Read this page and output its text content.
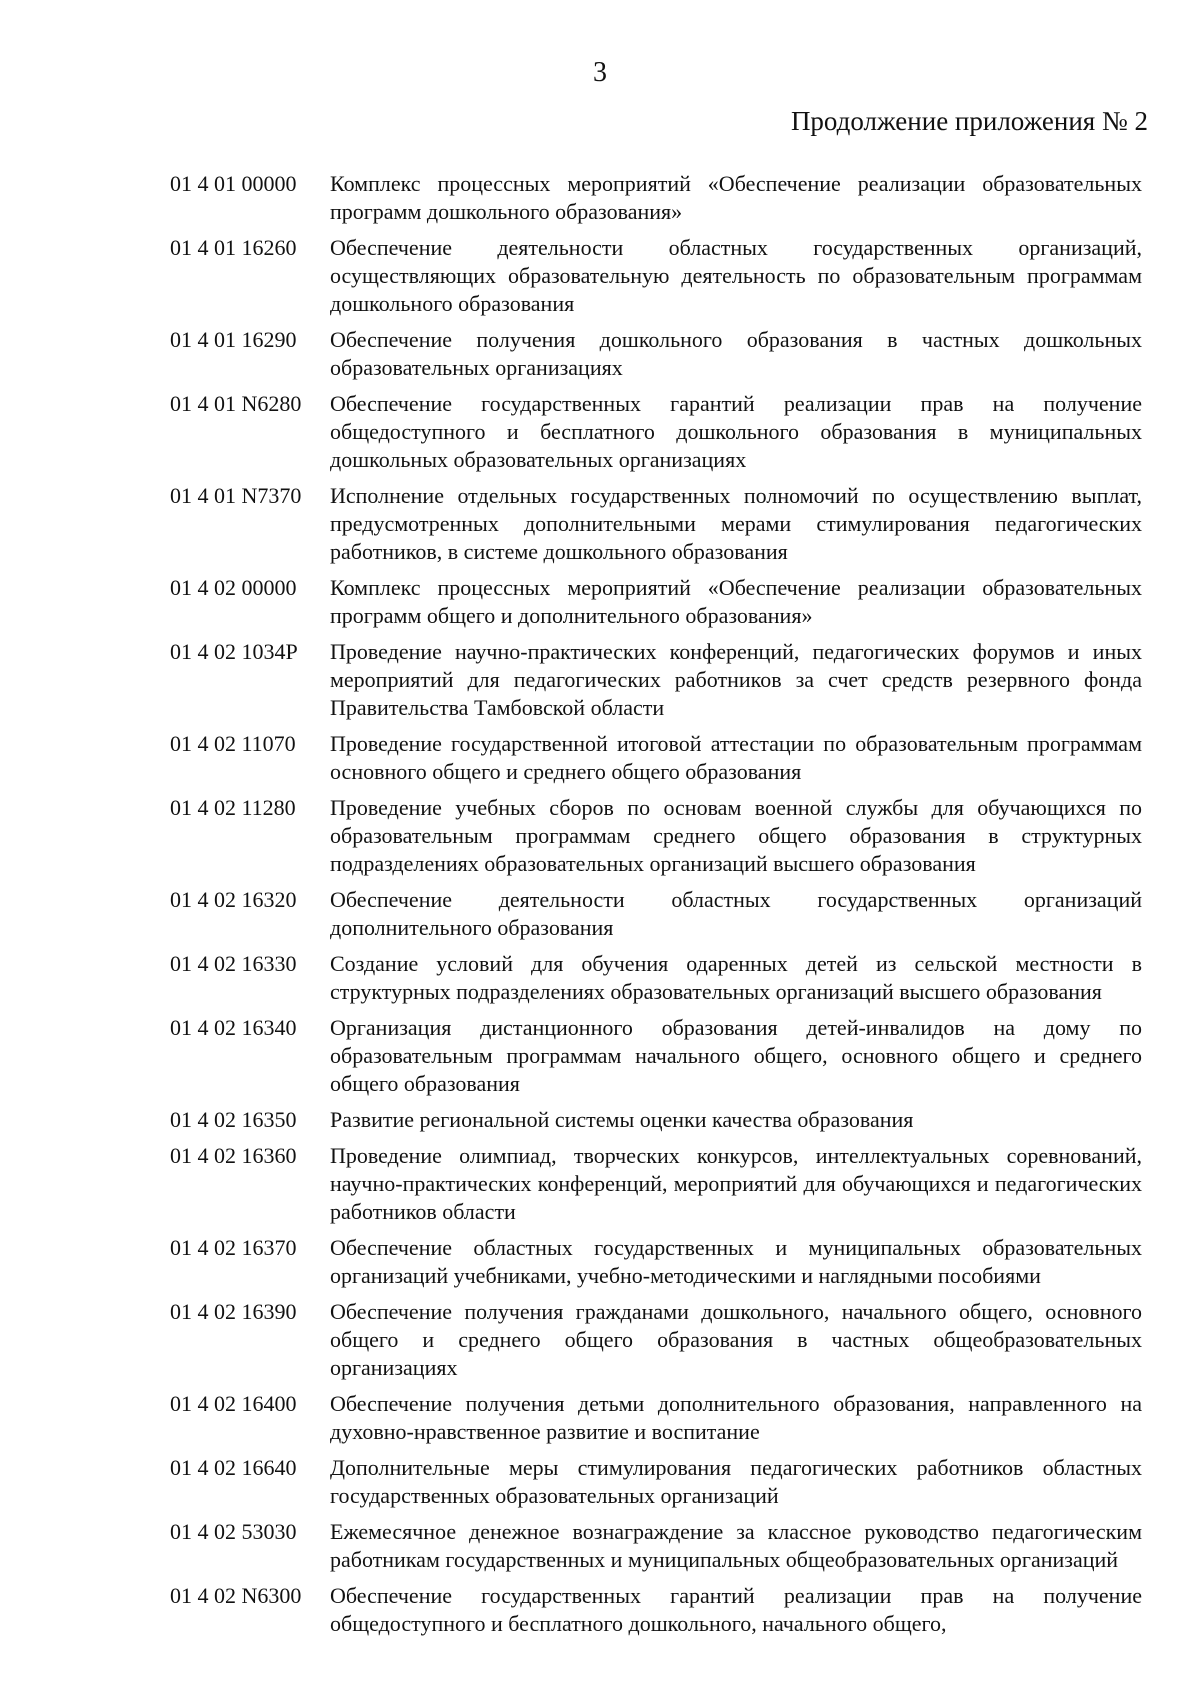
3
Продолжение приложения № 2
01 4 01 00000	Комплекс процессных мероприятий «Обеспечение реализации образовательных программ дошкольного образования»
01 4 01 16260	Обеспечение деятельности областных государственных организаций, осуществляющих образовательную деятельность по образовательным программам дошкольного образования
01 4 01 16290	Обеспечение получения дошкольного образования в частных дошкольных образовательных организациях
01 4 01 N6280	Обеспечение государственных гарантий реализации прав на получение общедоступного и бесплатного дошкольного образования в муниципальных дошкольных образовательных организациях
01 4 01 N7370	Исполнение отдельных государственных полномочий по осуществлению выплат, предусмотренных дополнительными мерами стимулирования педагогических работников, в системе дошкольного образования
01 4 02 00000	Комплекс процессных мероприятий «Обеспечение реализации образовательных программ общего и дополнительного образования»
01 4 02 1034Р	Проведение научно-практических конференций, педагогических форумов и иных мероприятий для педагогических работников за счет средств резервного фонда Правительства Тамбовской области
01 4 02 11070	Проведение государственной итоговой аттестации по образовательным программам основного общего и среднего общего образования
01 4 02 11280	Проведение учебных сборов по основам военной службы для обучающихся по образовательным программам среднего общего образования в структурных подразделениях образовательных организаций высшего образования
01 4 02 16320	Обеспечение деятельности областных государственных организаций дополнительного образования
01 4 02 16330	Создание условий для обучения одаренных детей из сельской местности в структурных подразделениях образовательных организаций высшего образования
01 4 02 16340	Организация дистанционного образования детей-инвалидов на дому по образовательным программам начального общего, основного общего и среднего общего образования
01 4 02 16350	Развитие региональной системы оценки качества образования
01 4 02 16360	Проведение олимпиад, творческих конкурсов, интеллектуальных соревнований, научно-практических конференций, мероприятий для обучающихся и педагогических работников области
01 4 02 16370	Обеспечение областных государственных и муниципальных образовательных организаций учебниками, учебно-методическими и наглядными пособиями
01 4 02 16390	Обеспечение получения гражданами дошкольного, начального общего, основного общего и среднего общего образования в частных общеобразовательных организациях
01 4 02 16400	Обеспечение получения детьми дополнительного образования, направленного на духовно-нравственное развитие и воспитание
01 4 02 16640	Дополнительные меры стимулирования педагогических работников областных государственных образовательных организаций
01 4 02 53030	Ежемесячное денежное вознаграждение за классное руководство педагогическим работникам государственных и муниципальных общеобразовательных организаций
01 4 02 N6300	Обеспечение государственных гарантий реализации прав на получение общедоступного и бесплатного дошкольного, начального общего,
